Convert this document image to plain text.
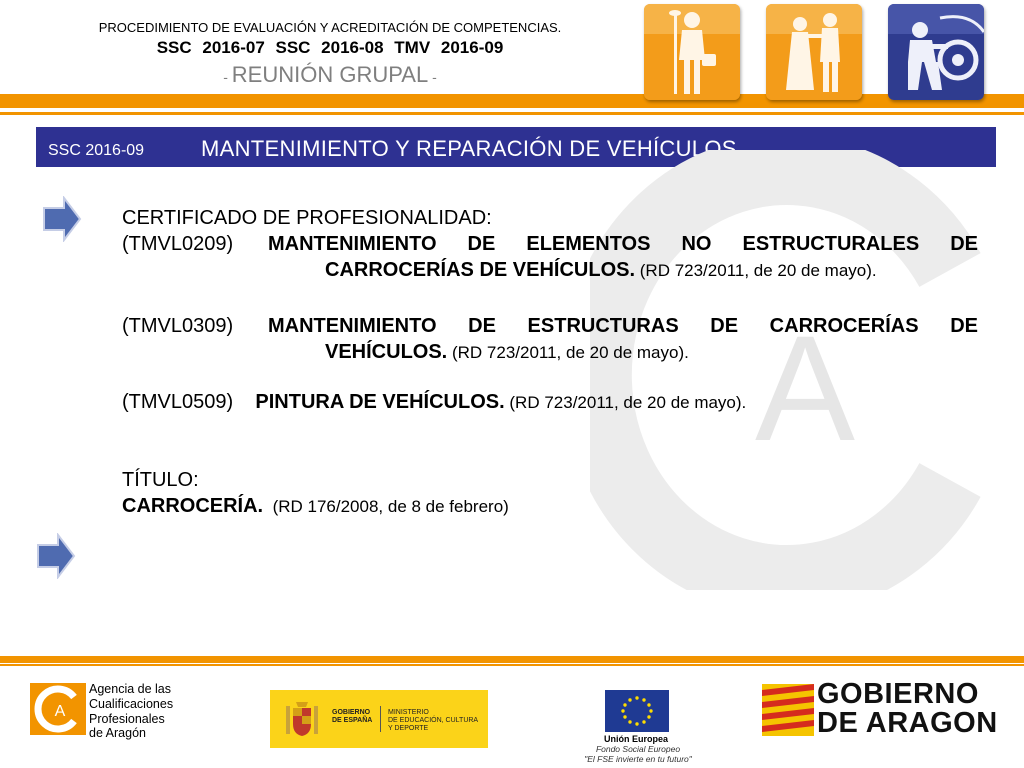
PROCEDIMIENTO DE EVALUACIÓN Y ACREDITACIÓN DE COMPETENCIAS.
SSC 2016-07 SSC 2016-08 TMV 2016-09
- REUNIÓN GRUPAL -
SSC 2016-09	MANTENIMIENTO Y REPARACIÓN DE VEHÍCULOS.
A

CERTIFICADO DE PROFESIONALIDAD:

(TMVL0209)	MANTENIMIENTO DE ELEMENTOS NO ESTRUCTURALES DE

CARROCERÍAS DE VEHÍCULOS. (RD 723/2011, de 20 de mayo).

(TMVL0309)	MANTENIMIENTO DE ESTRUCTURAS DE CARROCERÍAS DE

VEHÍCULOS. (RD 723/2011, de 20 de mayo).

(TMVL0509) PINTURA DE VEHÍCULOS. (RD 723/2011, de 20 de mayo).

TÍTULO:

CARROCERÍA.  (RD 176/2008, de 8 de febrero)

A
Agencia de las
Cualificaciones
Profesionales
de Aragón
GOBIERNO
DE ESPAÑA
MINISTERIO
DE EDUCACIÓN, CULTURA
Y DEPORTE
Unión Europea
Fondo Social Europeo
"El FSE invierte en tu futuro"
GOBIERNO
DE ARAGON
